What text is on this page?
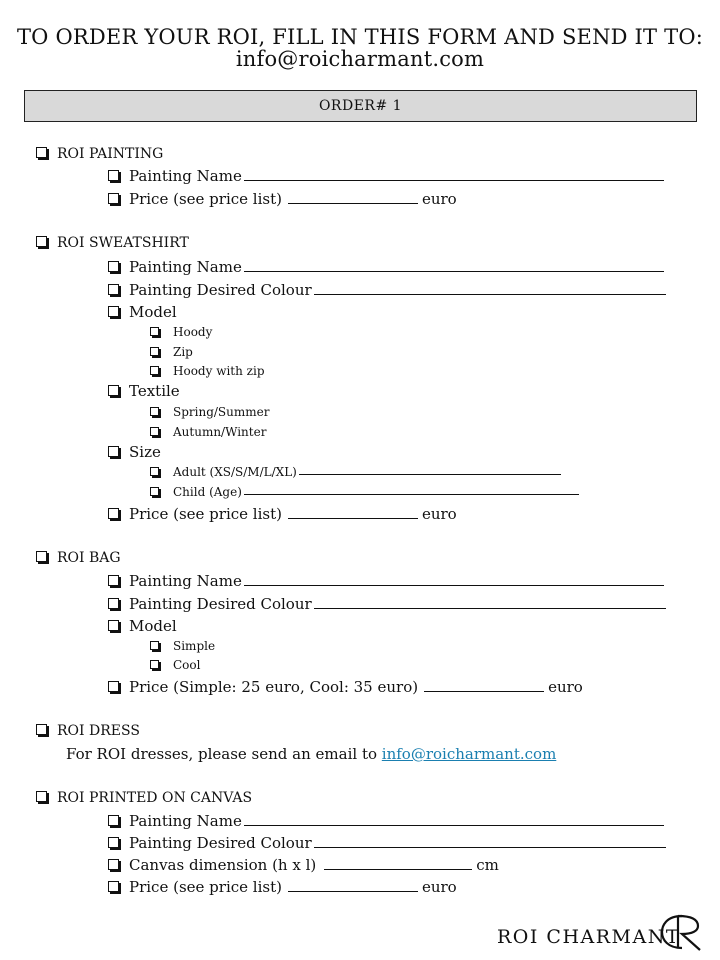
TO ORDER YOUR ROI, FILL IN THIS FORM AND SEND IT TO:
info@roicharmant.com
ORDER# 1
ROI PAINTING
Painting Name
Price (see price list)	euro
ROI SWEATSHIRT
Painting Name
Painting Desired Colour
Model
Hoody
Zip
Hoody with zip
Textile
Spring/Summer
Autumn/Winter
Size
Adult (XS/S/M/L/XL)
Child (Age)
Price (see price list)	euro
ROI BAG
Painting Name
Painting Desired Colour
Model
Simple
Cool
Price (Simple: 25 euro, Cool: 35 euro)	euro
ROI DRESS
For ROI dresses, please send an email to info@roicharmant.com
ROI PRINTED ON CANVAS
Painting Name
Painting Desired Colour
Canvas dimension (h x l)	cm
Price (see price list)	euro
ROI CHARMANT
